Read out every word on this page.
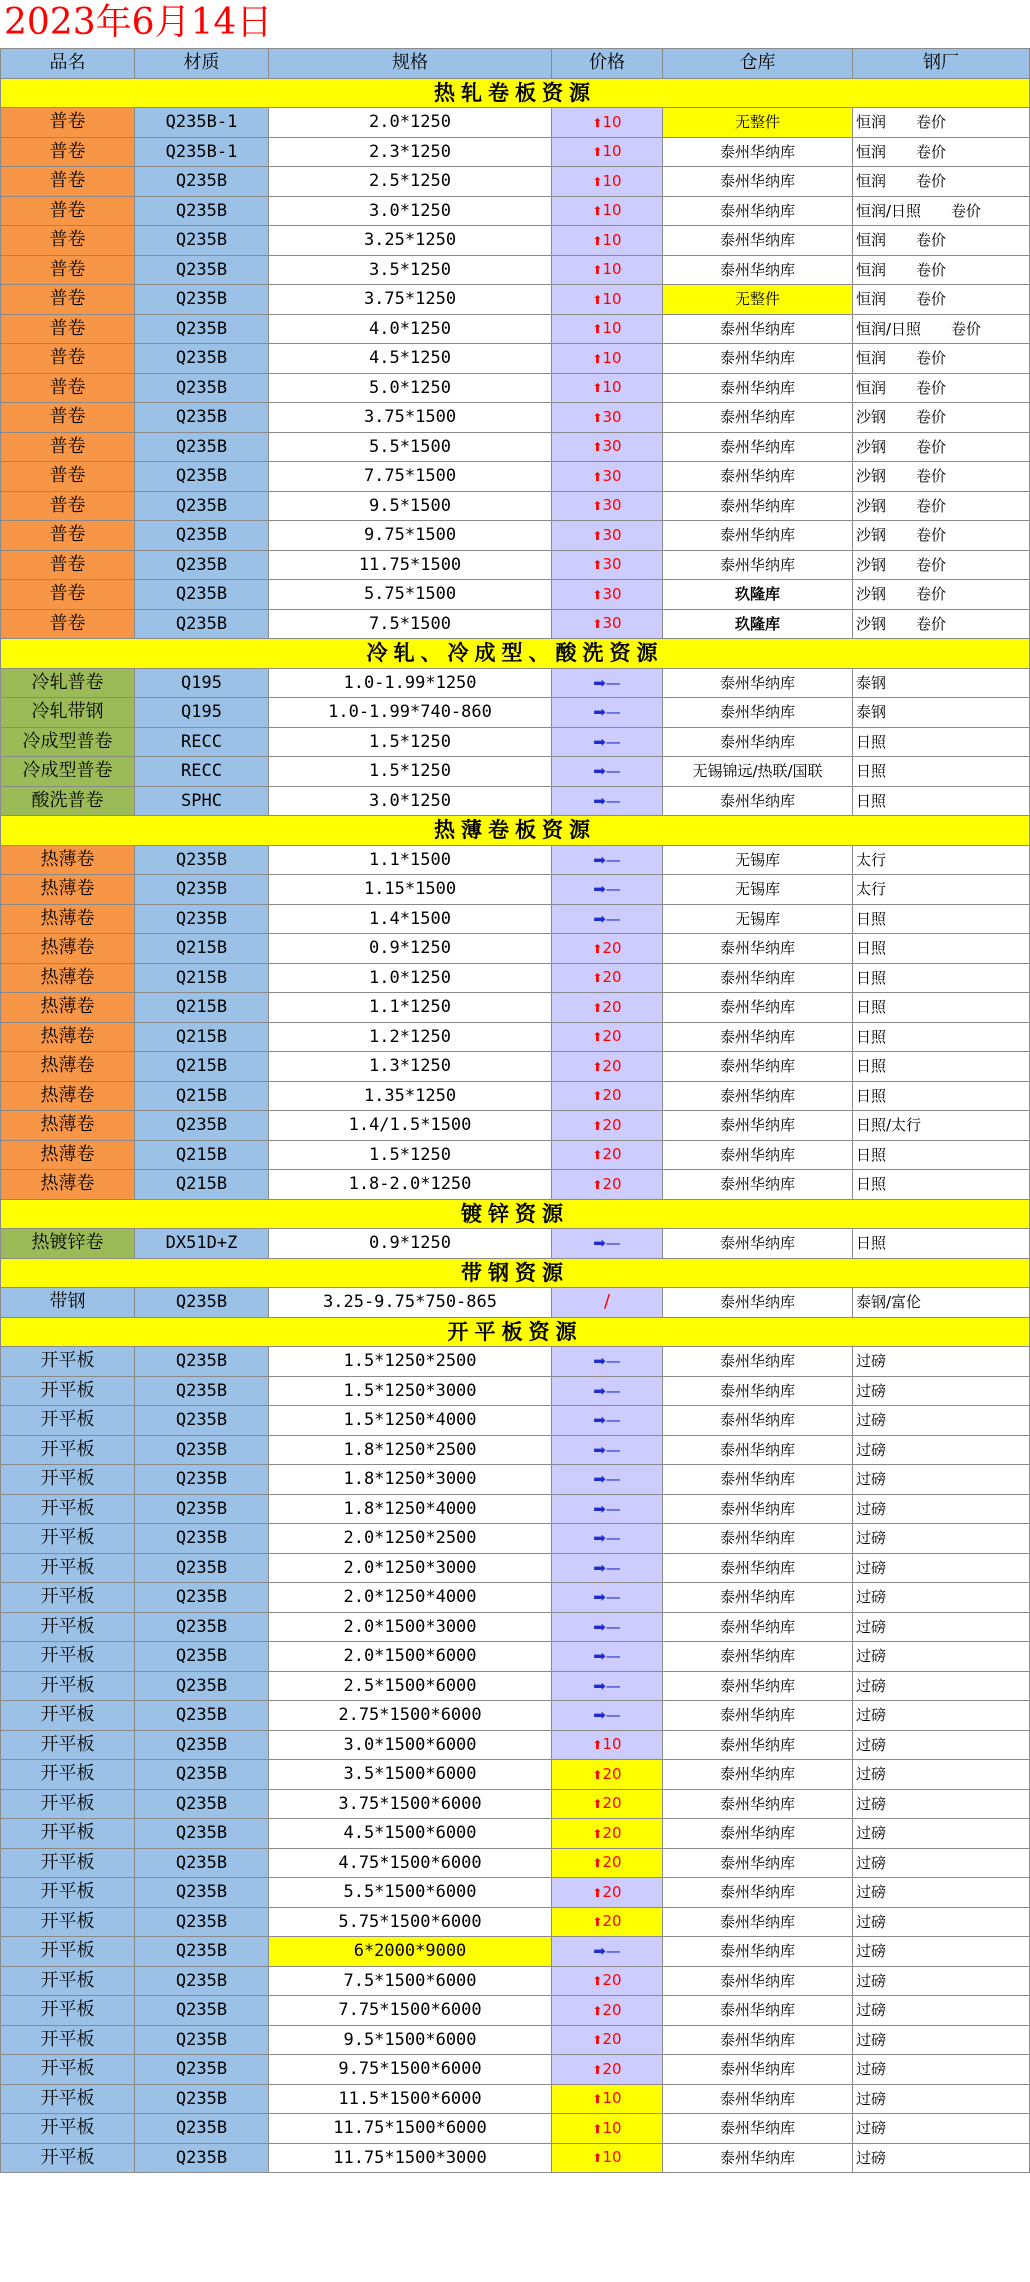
2023年6月14日
品名	材质	规格	价格	仓库	钢厂
热轧卷板资源					
普卷	Q235B-1	2.0*1250	⬆10	无整件	恒润　　卷价
普卷	Q235B-1	2.3*1250	⬆10	泰州华纳库	恒润　　卷价
普卷	Q235B	2.5*1250	⬆10	泰州华纳库	恒润　　卷价
普卷	Q235B	3.0*1250	⬆10	泰州华纳库	恒润/日照　　卷价
普卷	Q235B	3.25*1250	⬆10	泰州华纳库	恒润　　卷价
普卷	Q235B	3.5*1250	⬆10	泰州华纳库	恒润　　卷价
普卷	Q235B	3.75*1250	⬆10	无整件	恒润　　卷价
普卷	Q235B	4.0*1250	⬆10	泰州华纳库	恒润/日照　　卷价
普卷	Q235B	4.5*1250	⬆10	泰州华纳库	恒润　　卷价
普卷	Q235B	5.0*1250	⬆10	泰州华纳库	恒润　　卷价
普卷	Q235B	3.75*1500	⬆30	泰州华纳库	沙钢　　卷价
普卷	Q235B	5.5*1500	⬆30	泰州华纳库	沙钢　　卷价
普卷	Q235B	7.75*1500	⬆30	泰州华纳库	沙钢　　卷价
普卷	Q235B	9.5*1500	⬆30	泰州华纳库	沙钢　　卷价
普卷	Q235B	9.75*1500	⬆30	泰州华纳库	沙钢　　卷价
普卷	Q235B	11.75*1500	⬆30	泰州华纳库	沙钢　　卷价
普卷	Q235B	5.75*1500	⬆30	玖隆库	沙钢　　卷价
普卷	Q235B	7.5*1500	⬆30	玖隆库	沙钢　　卷价
冷轧、冷成型、酸洗资源					
冷轧普卷	Q195	1.0-1.99*1250	➡—	泰州华纳库	泰钢
冷轧带钢	Q195	1.0-1.99*740-860	➡—	泰州华纳库	泰钢
冷成型普卷	RECC	1.5*1250	➡—	泰州华纳库	日照
冷成型普卷	RECC	1.5*1250	➡—	无锡锦远/热联/国联	日照
酸洗普卷	SPHC	3.0*1250	➡—	泰州华纳库	日照
热薄卷板资源					
热薄卷	Q235B	1.1*1500	➡—	无锡库	太行
热薄卷	Q235B	1.15*1500	➡—	无锡库	太行
热薄卷	Q235B	1.4*1500	➡—	无锡库	日照
热薄卷	Q215B	0.9*1250	⬆20	泰州华纳库	日照
热薄卷	Q215B	1.0*1250	⬆20	泰州华纳库	日照
热薄卷	Q215B	1.1*1250	⬆20	泰州华纳库	日照
热薄卷	Q215B	1.2*1250	⬆20	泰州华纳库	日照
热薄卷	Q215B	1.3*1250	⬆20	泰州华纳库	日照
热薄卷	Q215B	1.35*1250	⬆20	泰州华纳库	日照
热薄卷	Q235B	1.4/1.5*1500	⬆20	泰州华纳库	日照/太行
热薄卷	Q215B	1.5*1250	⬆20	泰州华纳库	日照
热薄卷	Q215B	1.8-2.0*1250	⬆20	泰州华纳库	日照
镀锌资源					
热镀锌卷	DX51D+Z	0.9*1250	➡—	泰州华纳库	日照
带钢资源					
带钢	Q235B	3.25-9.75*750-865	/	泰州华纳库	泰钢/富伦
开平板资源					
开平板	Q235B	1.5*1250*2500	➡—	泰州华纳库	过磅
开平板	Q235B	1.5*1250*3000	➡—	泰州华纳库	过磅
开平板	Q235B	1.5*1250*4000	➡—	泰州华纳库	过磅
开平板	Q235B	1.8*1250*2500	➡—	泰州华纳库	过磅
开平板	Q235B	1.8*1250*3000	➡—	泰州华纳库	过磅
开平板	Q235B	1.8*1250*4000	➡—	泰州华纳库	过磅
开平板	Q235B	2.0*1250*2500	➡—	泰州华纳库	过磅
开平板	Q235B	2.0*1250*3000	➡—	泰州华纳库	过磅
开平板	Q235B	2.0*1250*4000	➡—	泰州华纳库	过磅
开平板	Q235B	2.0*1500*3000	➡—	泰州华纳库	过磅
开平板	Q235B	2.0*1500*6000	➡—	泰州华纳库	过磅
开平板	Q235B	2.5*1500*6000	➡—	泰州华纳库	过磅
开平板	Q235B	2.75*1500*6000	➡—	泰州华纳库	过磅
开平板	Q235B	3.0*1500*6000	⬆10	泰州华纳库	过磅
开平板	Q235B	3.5*1500*6000	⬆20	泰州华纳库	过磅
开平板	Q235B	3.75*1500*6000	⬆20	泰州华纳库	过磅
开平板	Q235B	4.5*1500*6000	⬆20	泰州华纳库	过磅
开平板	Q235B	4.75*1500*6000	⬆20	泰州华纳库	过磅
开平板	Q235B	5.5*1500*6000	⬆20	泰州华纳库	过磅
开平板	Q235B	5.75*1500*6000	⬆20	泰州华纳库	过磅
开平板	Q235B	6*2000*9000	➡—	泰州华纳库	过磅
开平板	Q235B	7.5*1500*6000	⬆20	泰州华纳库	过磅
开平板	Q235B	7.75*1500*6000	⬆20	泰州华纳库	过磅
开平板	Q235B	9.5*1500*6000	⬆20	泰州华纳库	过磅
开平板	Q235B	9.75*1500*6000	⬆20	泰州华纳库	过磅
开平板	Q235B	11.5*1500*6000	⬆10	泰州华纳库	过磅
开平板	Q235B	11.75*1500*6000	⬆10	泰州华纳库	过磅
开平板	Q235B	11.75*1500*3000	⬆10	泰州华纳库	过磅
